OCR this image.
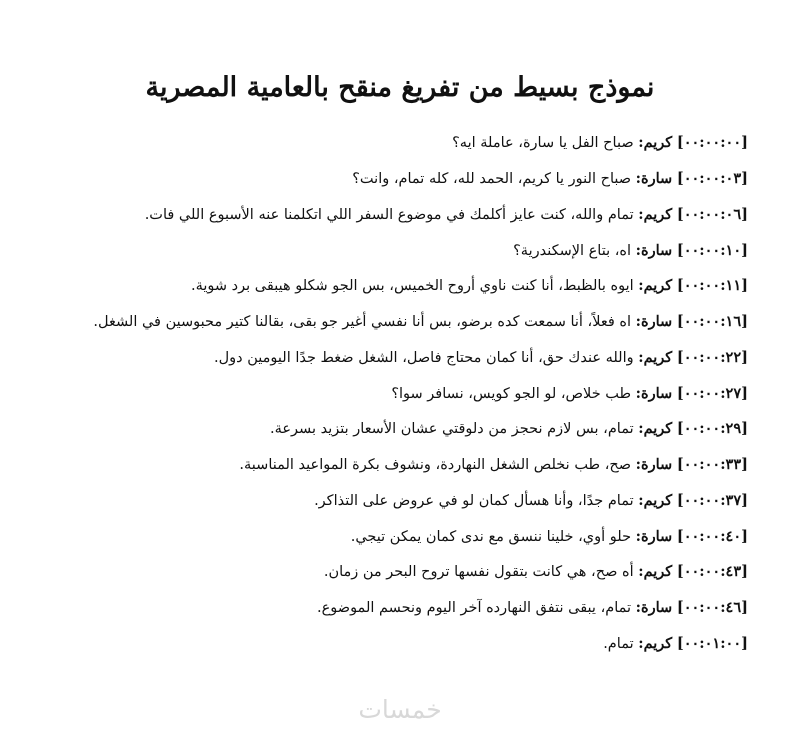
نموذج بسيط من تفريغ منقح بالعامية المصرية

[٠٠:٠٠:٠٠] كريم: صباح الفل يا سارة، عاملة ايه؟

[٠٠:٠٠:٠٣] سارة: صباح النور يا كريم، الحمد لله، كله تمام، وانت؟

[٠٠:٠٠:٠٦] كريم: تمام والله، كنت عايز أكلمك في موضوع السفر اللي اتكلمنا عنه الأسبوع اللي فات.

[٠٠:٠٠:١٠] سارة: اه، بتاع الإسكندرية؟

[٠٠:٠٠:١١] كريم: ايوه بالظبط، أنا كنت ناوي أروح الخميس، بس الجو شكلو هيبقى برد شوية.

[٠٠:٠٠:١٦] سارة: اه فعلاً، أنا سمعت كده برضو، بس أنا نفسي أغير جو بقى، بقالنا كتير محبوسين في الشغل.

[٠٠:٠٠:٢٢] كريم: والله عندك حق، أنا كمان محتاج فاصل، الشغل ضغط جدًا اليومين دول.

[٠٠:٠٠:٢٧] سارة: طب خلاص، لو الجو كويس، نسافر سوا؟

[٠٠:٠٠:٢٩] كريم: تمام، بس لازم نحجز من دلوقتي عشان الأسعار بتزيد بسرعة.

[٠٠:٠٠:٣٣] سارة: صح، طب نخلص الشغل النهاردة، ونشوف بكرة المواعيد المناسبة.

[٠٠:٠٠:٣٧] كريم: تمام جدًا، وأنا هسأل كمان لو في عروض على التذاكر.

[٠٠:٠٠:٤٠] سارة: حلو أوي، خلينا ننسق مع ندى كمان يمكن تيجي.

[٠٠:٠٠:٤٣] كريم: أه صح، هي كانت بتقول نفسها تروح البحر من زمان.

[٠٠:٠٠:٤٦] سارة: تمام، يبقى نتفق النهارده آخر اليوم ونحسم الموضوع.

[٠٠:٠١:٠٠] كريم: تمام.

خمسات
